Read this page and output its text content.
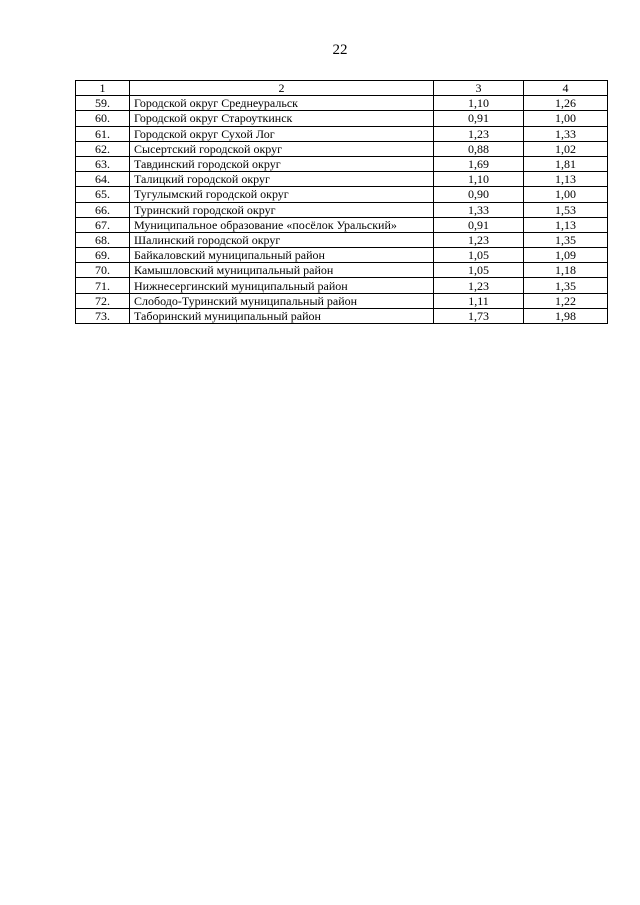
22
1	2	3	4
59.	Городской округ Среднеуральск	1,10	1,26
60.	Городской округ Староуткинск	0,91	1,00
61.	Городской округ Сухой Лог	1,23	1,33
62.	Сысертский городской округ	0,88	1,02
63.	Тавдинский городской округ	1,69	1,81
64.	Талицкий городской округ	1,10	1,13
65.	Тугулымский городской округ	0,90	1,00
66.	Туринский городской округ	1,33	1,53
67.	Муниципальное образование «посёлок Уральский»	0,91	1,13
68.	Шалинский городской округ	1,23	1,35
69.	Байкаловский муниципальный район	1,05	1,09
70.	Камышловский муниципальный район	1,05	1,18
71.	Нижнесергинский муниципальный район	1,23	1,35
72.	Слободо-Туринский муниципальный район	1,11	1,22
73.	Таборинский муниципальный район	1,73	1,98
